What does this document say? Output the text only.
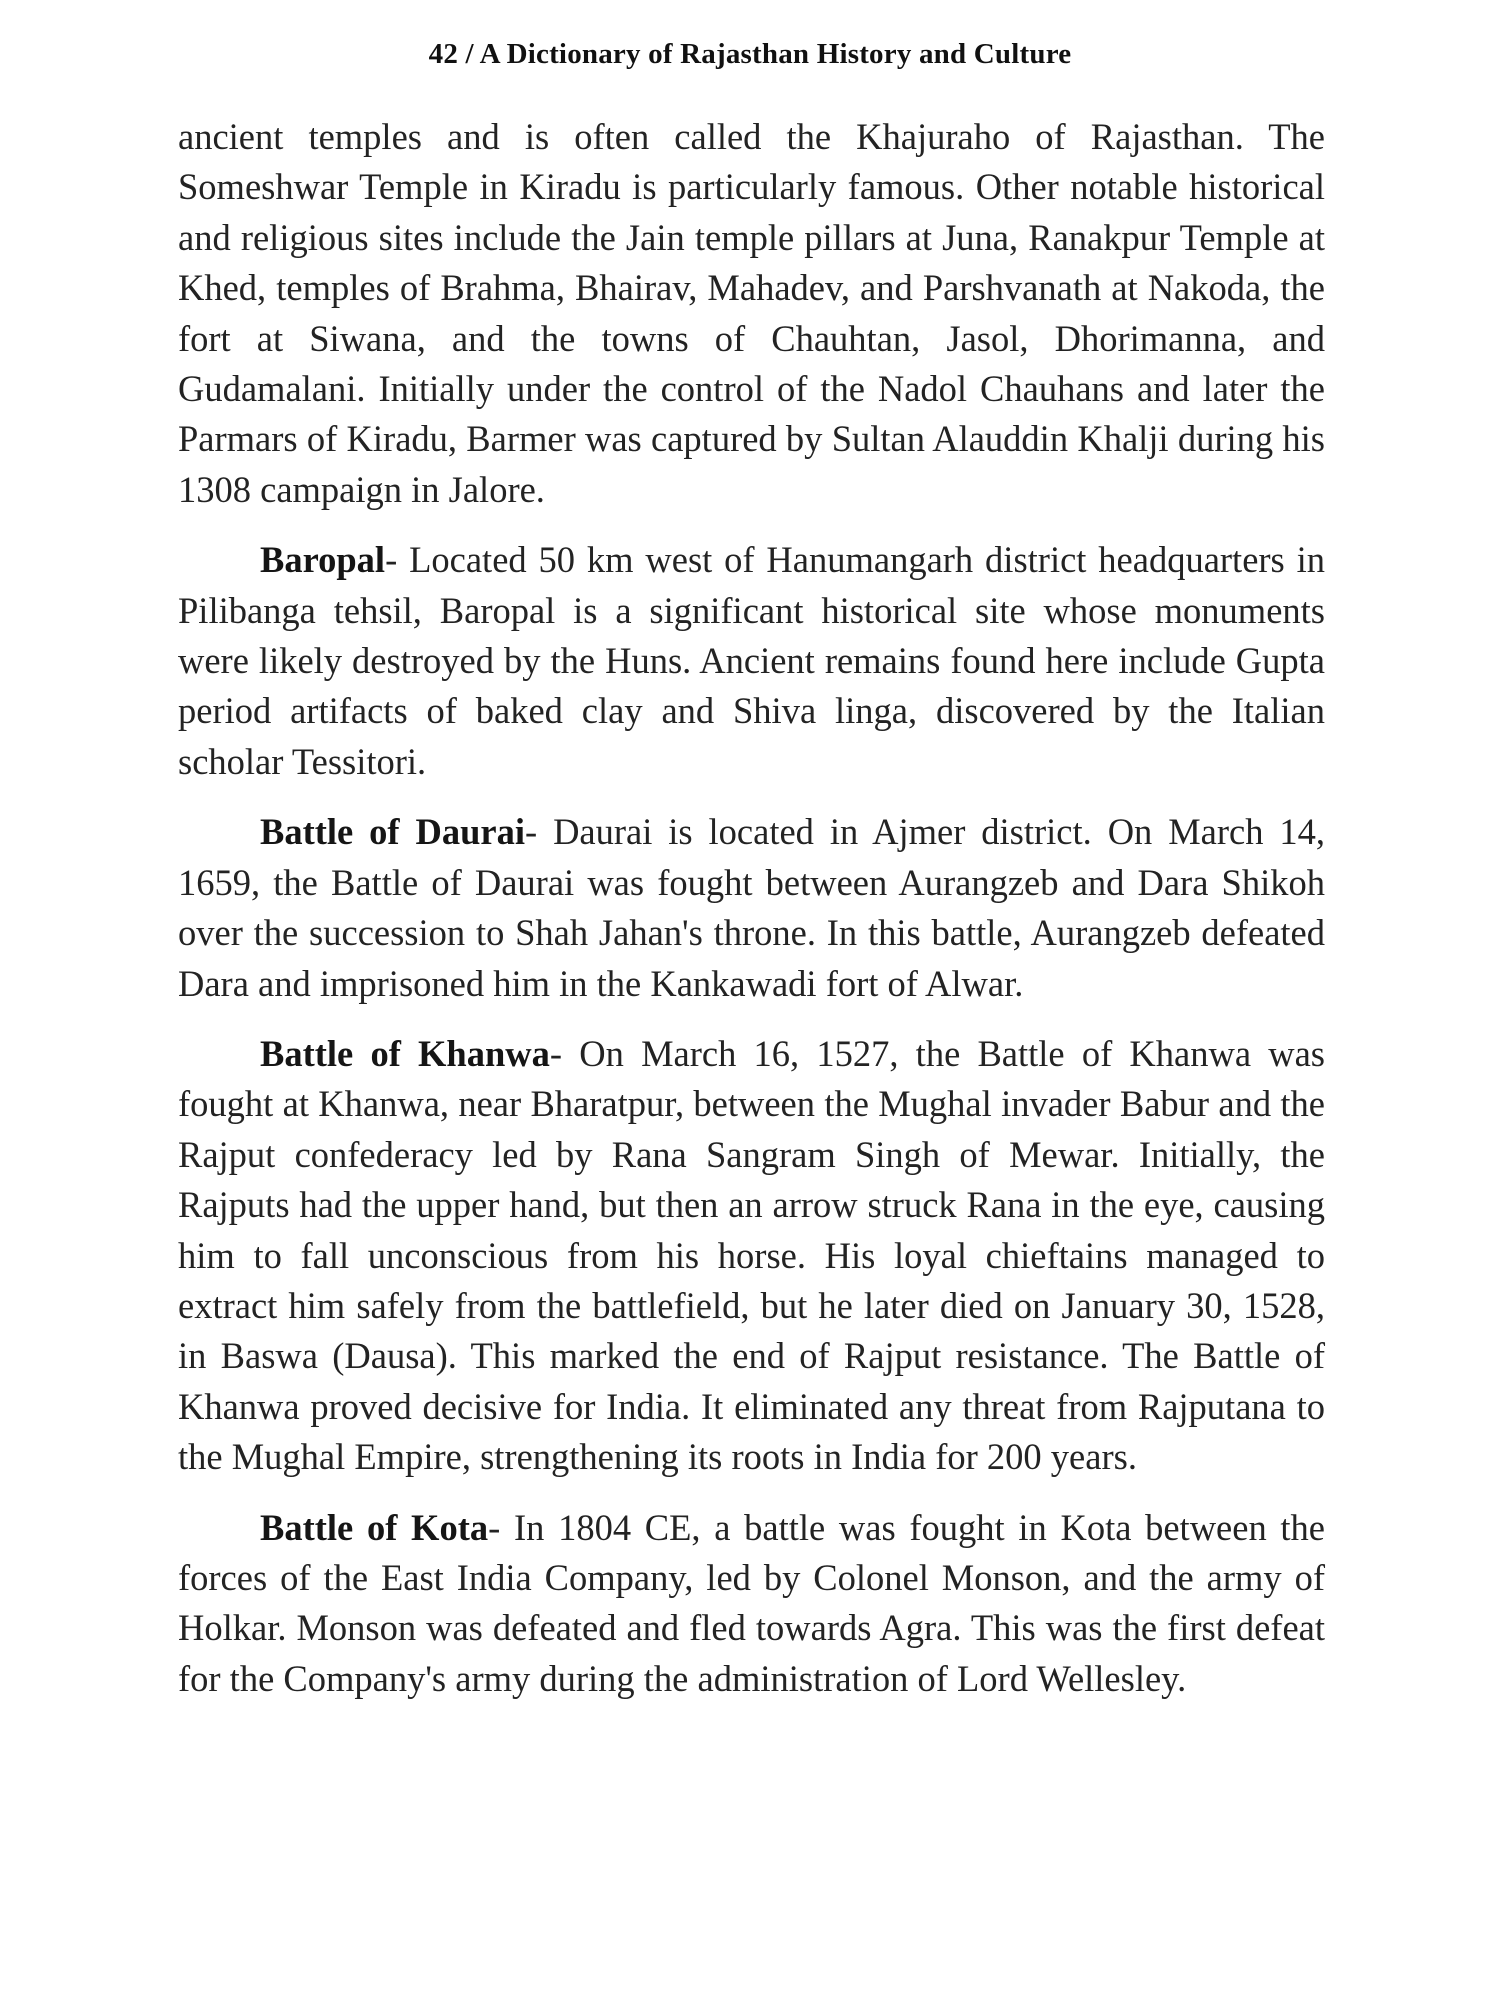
42 / A Dictionary of Rajasthan History and Culture

ancient temples and is often called the Khajuraho of Rajasthan. The Someshwar Temple in Kiradu is particularly famous. Other notable historical and religious sites include the Jain temple pillars at Juna, Ranakpur Temple at Khed, temples of Brahma, Bhairav, Mahadev, and Parshvanath at Nakoda, the fort at Siwana, and the towns of Chauhtan, Jasol, Dhorimanna, and Gudamalani. Initially under the control of the Nadol Chauhans and later the Parmars of Kiradu, Barmer was captured by Sultan Alauddin Khalji during his 1308 campaign in Jalore.

Baropal- Located 50 km west of Hanumangarh district headquarters in Pilibanga tehsil, Baropal is a significant historical site whose monuments were likely destroyed by the Huns. Ancient remains found here include Gupta period artifacts of baked clay and Shiva linga, discovered by the Italian scholar Tessitori.

Battle of Daurai- Daurai is located in Ajmer district. On March 14, 1659, the Battle of Daurai was fought between Aurangzeb and Dara Shikoh over the succession to Shah Jahan's throne. In this battle, Aurangzeb defeated Dara and imprisoned him in the Kankawadi fort of Alwar.

Battle of Khanwa- On March 16, 1527, the Battle of Khanwa was fought at Khanwa, near Bharatpur, between the Mughal invader Babur and the Rajput confederacy led by Rana Sangram Singh of Mewar. Initially, the Rajputs had the upper hand, but then an arrow struck Rana in the eye, causing him to fall unconscious from his horse. His loyal chieftains managed to extract him safely from the battlefield, but he later died on January 30, 1528, in Baswa (Dausa). This marked the end of Rajput resistance. The Battle of Khanwa proved decisive for India. It eliminated any threat from Rajputana to the Mughal Empire, strengthening its roots in India for 200 years.

Battle of Kota- In 1804 CE, a battle was fought in Kota between the forces of the East India Company, led by Colonel Monson, and the army of Holkar. Monson was defeated and fled towards Agra. This was the first defeat for the Company's army during the administration of Lord Wellesley.
